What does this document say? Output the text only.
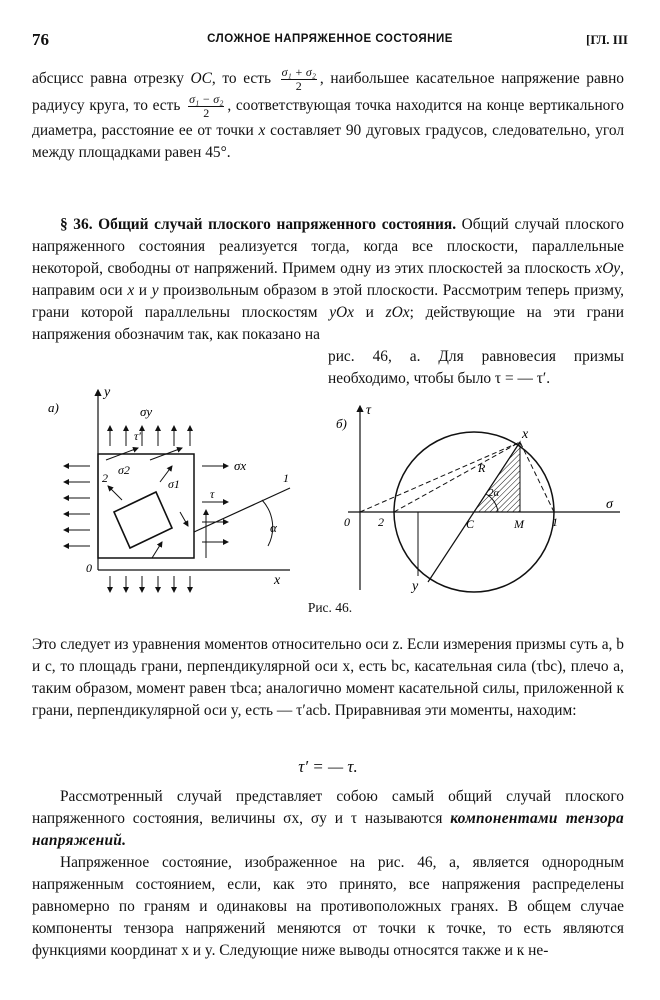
76	СЛОЖНОЕ НАПРЯЖЕННОЕ СОСТОЯНИЕ	[ГЛ. III

абсцисс равна отрезку OC, то есть $\frac{\text{σ₁ + σ₂}}{2}$ , наибольшее касательное напряжение равно радиусу круга, то есть $\frac{\text{σ₁ − σ₂}}{2}$ , соответствующая точка находится на конце вертикального диаметра, расстояние ее от точки x составляет 90 дуговых градусов, следовательно, угол между площадками равен 45°.

§ 36. Общий случай плоского напряженного состояния. Общий случай плоского напряженного состояния реализуется тогда, когда все плоскости, параллельные некоторой, свободны от напряжений. Примем одну из этих плоскостей за плоскость xOy, направим оси x и y произвольным образом в этой плоскости. Рассмотрим теперь призму, грани которой параллельны плоскостям yOx и zOx; действующие на эти грани напряжения обозначим так, как показано на

рис. 46, а. Для равновесия призмы необходимо, чтобы было τ = — τ′.
а)
y
x
0
σy
τ′
σ2
σ1
σx
τ
2	1
α
б)
σ
τ
0 2	C	M 1
x
y
R
2α
Рис. 46.
Это следует из уравнения моментов относительно оси z. Если измерения призмы суть a, b и c, то площадь грани, перпендикулярной оси x, есть bc, касательная сила (τbc), плечо a, таким образом, момент равен τbca; аналогично момент касательной силы, приложенной к грани, перпендикулярной оси y, есть — τ′acb. Приравнивая эти моменты, находим:
τ′ = — τ.

Рассмотренный случай представляет собою самый общий случай плоского напряженного состояния, величины σx, σy и τ называются компонентами тензора напряжений.

Напряженное состояние, изображенное на рис. 46, а, является однородным напряженным состоянием, если, как это принято, все напряжения распределены равномерно по граням и одинаковы на противоположных гранях. В общем случае компоненты тензора напряжений меняются от точки к точке, то есть являются функциями координат x и y. Следующие ниже выводы относятся также и к не-
